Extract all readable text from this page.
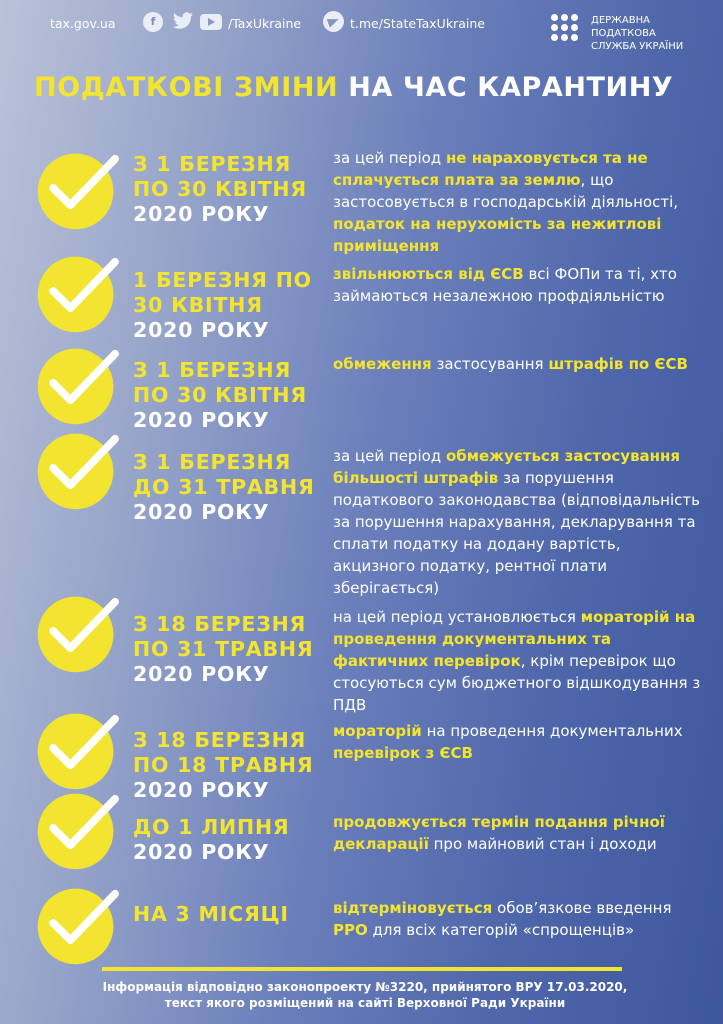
tax.gov.ua	f	/TaxUkraine	t.me/StateTaxUkraine	ДЕРЖАВНА
ПОДАТКОВА
СЛУЖБА УКРАЇНИ
ПОДАТКОВІ ЗМІНИ НА ЧАС КАРАНТИНУ
З 1 БЕРЕЗНЯ
ПО 30 КВІТНЯ
2020 РОКУ
за цей період не нараховується та не сплачується плата за землю, що застосовується в господарській діяльності, податок на нерухомість за нежитлові приміщення
1 БЕРЕЗНЯ ПО
30 КВІТНЯ
2020 РОКУ
звільнюються від ЄСВ всі ФОПи та ті, хто займаються незалежною профдіяльністю
З 1 БЕРЕЗНЯ
ПО 30 КВІТНЯ
2020 РОКУ
обмеження застосування штрафів по ЄСВ
З 1 БЕРЕЗНЯ
ДО 31 ТРАВНЯ
2020 РОКУ
за цей період обмежується застосування більшості штрафів за порушення податкового законодавства (відповідальність за порушення нарахування, декларування та сплати податку на додану вартість, акцизного податку, рентної плати зберігається)
З 18 БЕРЕЗНЯ
ПО 31 ТРАВНЯ
2020 РОКУ
на цей період установлюється мораторій на проведення документальних та фактичних перевірок, крім перевірок що стосуються сум бюджетного відшкодування з ПДВ
З 18 БЕРЕЗНЯ
ПО 18 ТРАВНЯ
2020 РОКУ
мораторій на проведення документальних перевірок з ЄСВ
ДО 1 ЛИПНЯ
2020 РОКУ
продовжується термін подання річної декларації про майновий стан і доходи
НА 3 МІСЯЦІ	відтерміновується обов’язкове введення РРО для всіх категорій «спрощенців»
Інформація відповідно законопроекту №3220, прийнятого ВРУ 17.03.2020,
текст якого розміщений на сайті Верховної Ради України
